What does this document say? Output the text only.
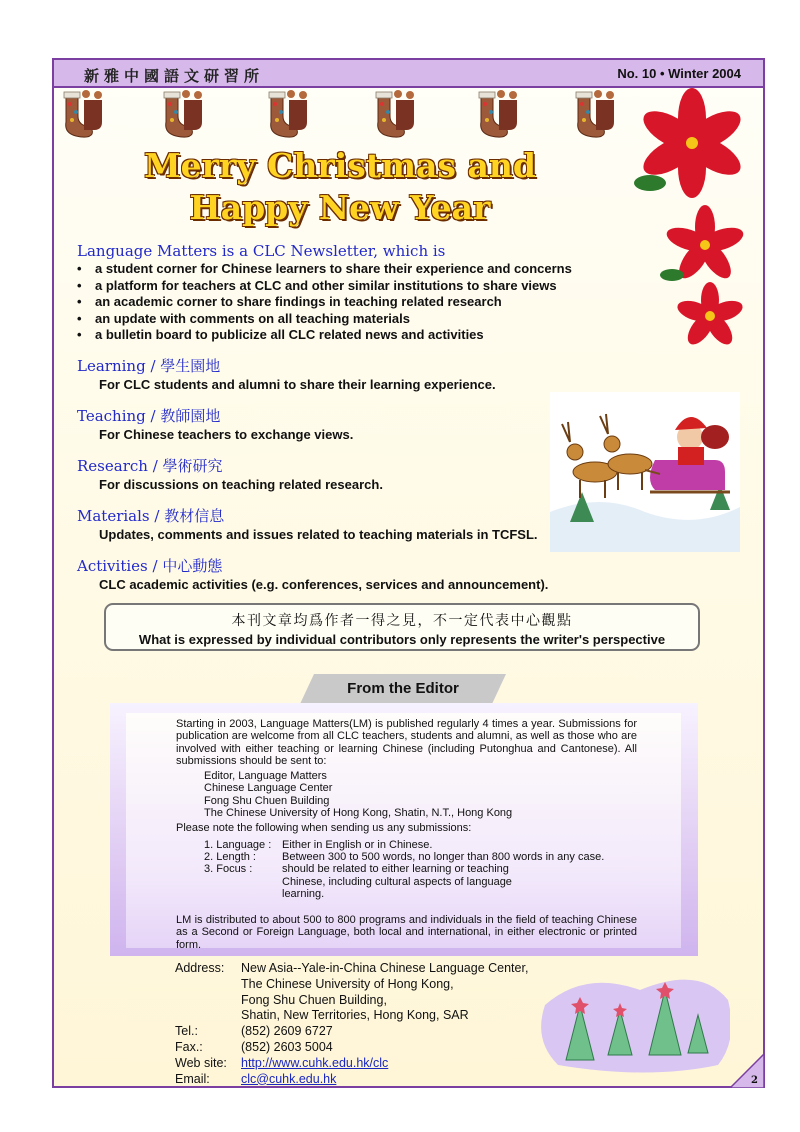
新雅中國語文研習所	No. 10 • Winter 2004
Merry Christmas and
Happy New Year
Language Matters is a CLC Newsletter, which is
• a student corner for Chinese learners to share their experience and concerns
• a platform for teachers at CLC and other similar institutions to share views
• an academic corner to share findings in teaching related research
• an update with comments on all teaching materials
• a bulletin board to publicize all CLC related news and activities
Learning / 學生園地
For CLC students and alumni to share their learning experience.
Teaching / 教師園地
For Chinese teachers to exchange views.
Research / 學術研究
For discussions on teaching related research.
Materials / 教材信息
Updates, comments and issues related to teaching materials in TCFSL.
Activities / 中心動態
CLC academic activities (e.g. conferences, services and announcement).
本刊文章均爲作者一得之見，不一定代表中心觀點
What is expressed by individual contributors only represents the writer's perspective
From the Editor

Starting in 2003, Language Matters(LM) is published regularly 4 times a year. Submissions for publication are welcome from all CLC teachers, students and alumni, as well as those who are involved with either teaching or learning Chinese (including Putonghua and Cantonese). All submissions should be sent to:

Editor, Language Matters
Chinese Language Center
Fong Shu Chuen Building
The Chinese University of Hong Kong, Shatin, N.T., Hong Kong

Please note the following when sending us any submissions:

1. Language : Either in English or in Chinese.
2. Length :	Between 300 to 500 words, no longer than 800 words in any case.
3. Focus :	should be related to either learning or teaching Chinese, including cultural aspects of language learning.

LM is distributed to about 500 to 800 programs and individuals in the field of teaching Chinese as a Second or Foreign Language, both local and international, in either electronic or printed form.

Address:	New Asia--Yale-in-China Chinese Language Center,
The Chinese University of Hong Kong,
Fong Shu Chuen Building,
Shatin, New Territories, Hong Kong, SAR
Tel.:	(852) 2609 6727
Fax.:	(852) 2603 5004
Web site:	http://www.cuhk.edu.hk/clc
Email:	clc@cuhk.edu.hk	2
